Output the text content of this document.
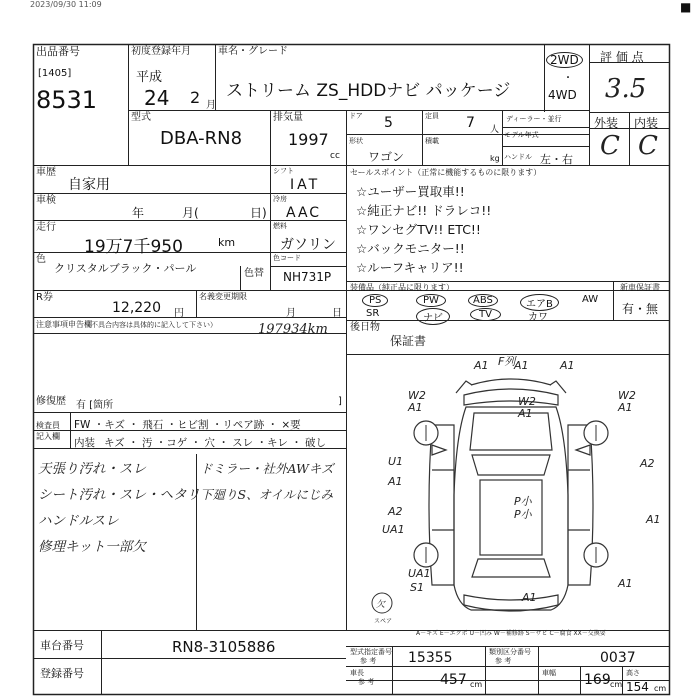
2023/09/30 11:09	■
出品番号
[1405]
8531
初度登録年月
平成
24 2 月
車名・グレード
ストリーム ZS_HDDナビ パッケージ
2WD
・
4WD
評 価 点
3.5
外装 内装
C C
型式
DBA-RN8
排気量
1997
cc
ドア 5	定員 7 人
ディーラー・並行
形状
ワゴン
積載
kg
モデル年式
ハンドル 左・右
車歴
自家用
車検
年	月(	日)
走行
19万7千950	km
色
クリスタルブラック・パール	色替
シフト
IAT
冷房
AAC
燃料
ガソリン
色コード
NH731P
セールスポイント（正常に機能するものに限ります）
☆ユーザー買取車!!
☆純正ナビ!! ドラレコ!!
☆ワンセグTV!! ETC!!
☆バックモニター!!
☆ルーフキャリア!!
R券
12,220 円
名義変更期限
月	日
装備品（純正品に限ります）
PS	PW	ABS	エアB	AW
SR	ナビ	TV	カワ
新車保証書
有・無
注意事項申告欄
（不具合内容は具体的に記入して下さい）	197934km 後日物
保証書
修復歴 有 [箇所	]
検査員
記入欄
FW ・キズ ・ 飛石 ・ヒビ割 ・リペア跡 ・ ×要
内装 キズ ・ 汚 ・コゲ ・ 穴 ・ スレ ・キレ ・ 破し
天張り汚れ・スレ
シート汚れ・スレ・ヘタリ
ハンドルスレ
修理キット一部欠
ドミラー・社外AWキズ
下廻りS、オイルにじみ
スペア
A1 F列
A1	A1
W2
A1	W2
A1
W2
A1
U1
A1
A2
P小
P小
A2
UA1
A1
UA1
S1
A1
A1
欠
A－キズ E－エクボ U－凹み W－補修跡 S－サビ C－腐食 XX－交換要
車台番号	RN8-3105886
登録番号
型式指定番号
参 考 15355	類別区分番号
参 考	0037
車長
参 考	457 cm
車幅 169 cm
高さ
154 cm
